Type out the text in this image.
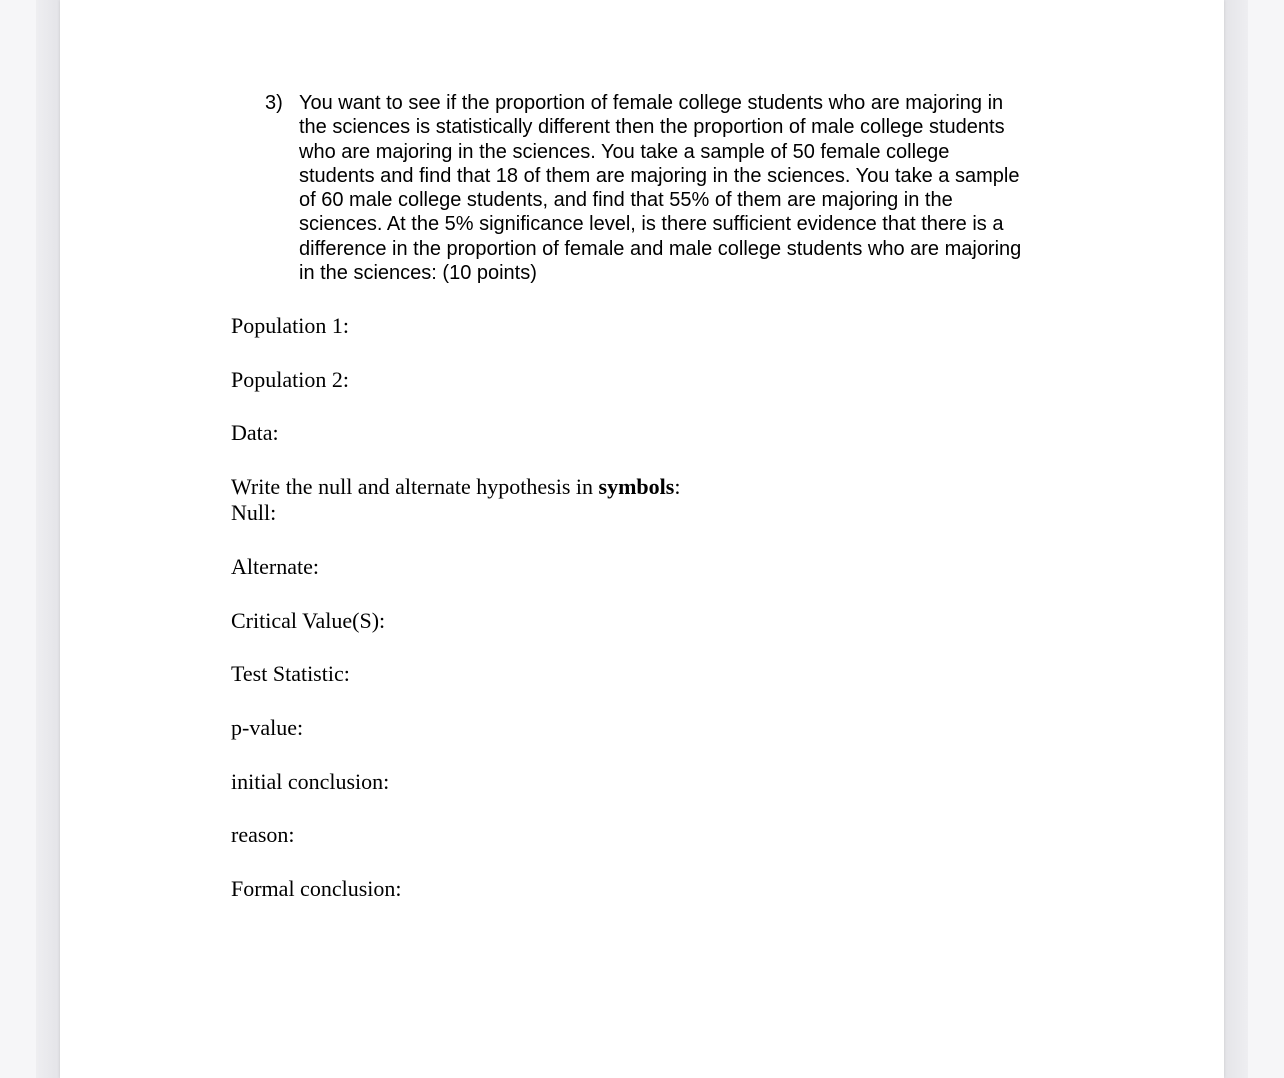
3) You want to see if the proportion of female college students who are majoring in the sciences is statistically different then the proportion of male college students who are majoring in the sciences. You take a sample of 50 female college students and find that 18 of them are majoring in the sciences. You take a sample of 60 male college students, and find that 55% of them are majoring in the sciences. At the 5% significance level, is there sufficient evidence that there is a difference in the proportion of female and male college students who are majoring in the sciences: (10 points)
Population 1:
Population 2:
Data:
Write the null and alternate hypothesis in symbols:
Null:
Alternate:
Critical Value(S):
Test Statistic:
p-value:
initial conclusion:
reason:
Formal conclusion:
